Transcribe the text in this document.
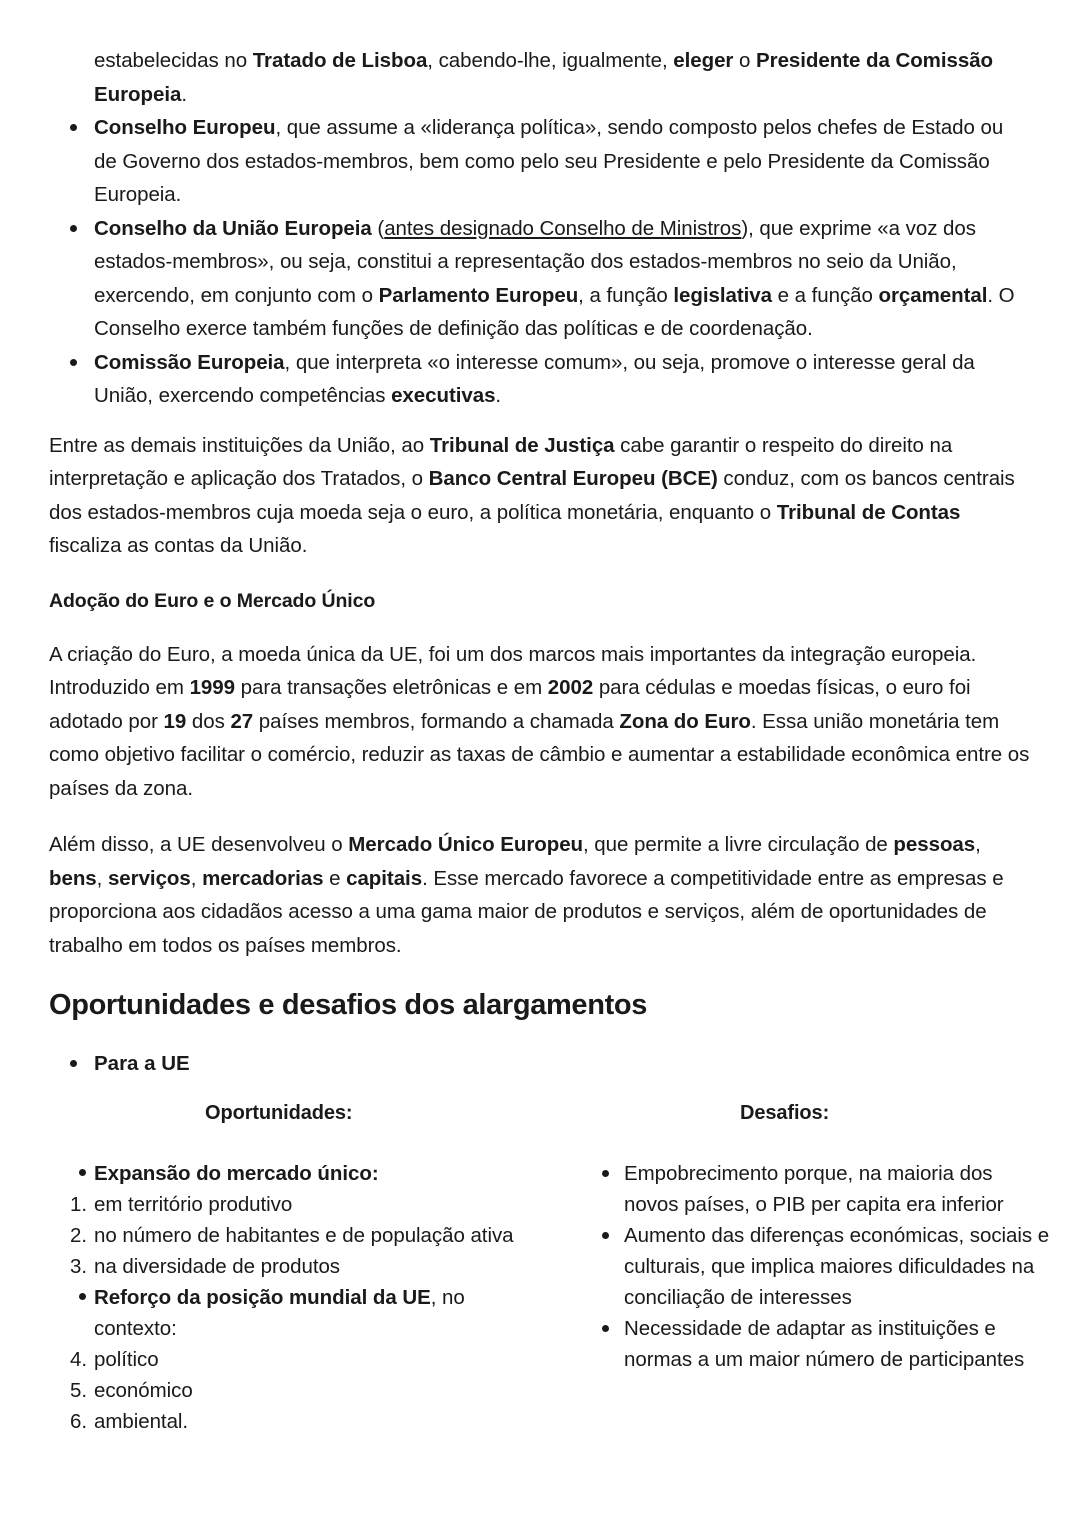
estabelecidas no Tratado de Lisboa, cabendo-lhe, igualmente, eleger o Presidente da Comissão Europeia.
Conselho Europeu, que assume a «liderança política», sendo composto pelos chefes de Estado ou de Governo dos estados-membros, bem como pelo seu Presidente e pelo Presidente da Comissão Europeia.
Conselho da União Europeia (antes designado Conselho de Ministros), que exprime «a voz dos estados-membros», ou seja, constitui a representação dos estados-membros no seio da União, exercendo, em conjunto com o Parlamento Europeu, a função legislativa e a função orçamental. O Conselho exerce também funções de definição das políticas e de coordenação.
Comissão Europeia, que interpreta «o interesse comum», ou seja, promove o interesse geral da União, exercendo competências executivas.

Entre as demais instituições da União, ao Tribunal de Justiça cabe garantir o respeito do direito na interpretação e aplicação dos Tratados, o Banco Central Europeu (BCE) conduz, com os bancos centrais dos estados-membros cuja moeda seja o euro, a política monetária, enquanto o Tribunal de Contas fiscaliza as contas da União.

Adoção do Euro e o Mercado Único

A criação do Euro, a moeda única da UE, foi um dos marcos mais importantes da integração europeia. Introduzido em 1999 para transações eletrônicas e em 2002 para cédulas e moedas físicas, o euro foi adotado por 19 dos 27 países membros, formando a chamada Zona do Euro. Essa união monetária tem como objetivo facilitar o comércio, reduzir as taxas de câmbio e aumentar a estabilidade econômica entre os países da zona.

Além disso, a UE desenvolveu o Mercado Único Europeu, que permite a livre circulação de pessoas, bens, serviços, mercadorias e capitais. Esse mercado favorece a competitividade entre as empresas e proporciona aos cidadãos acesso a uma gama maior de produtos e serviços, além de oportunidades de trabalho em todos os países membros.

Oportunidades e desafios dos alargamentos
Para a UE
Oportunidades:	Desafios:
Expansão do mercado único:
1. em território produtivo
2. no número de habitantes e de população ativa
3. na diversidade de produtos
Reforço da posição mundial da UE, no contexto:
4. político
5. económico
6. ambiental.
Empobrecimento porque, na maioria dos novos países, o PIB per capita era inferior
Aumento das diferenças económicas, sociais e culturais, que implica maiores dificuldades na conciliação de interesses
Necessidade de adaptar as instituições e normas a um maior número de participantes
